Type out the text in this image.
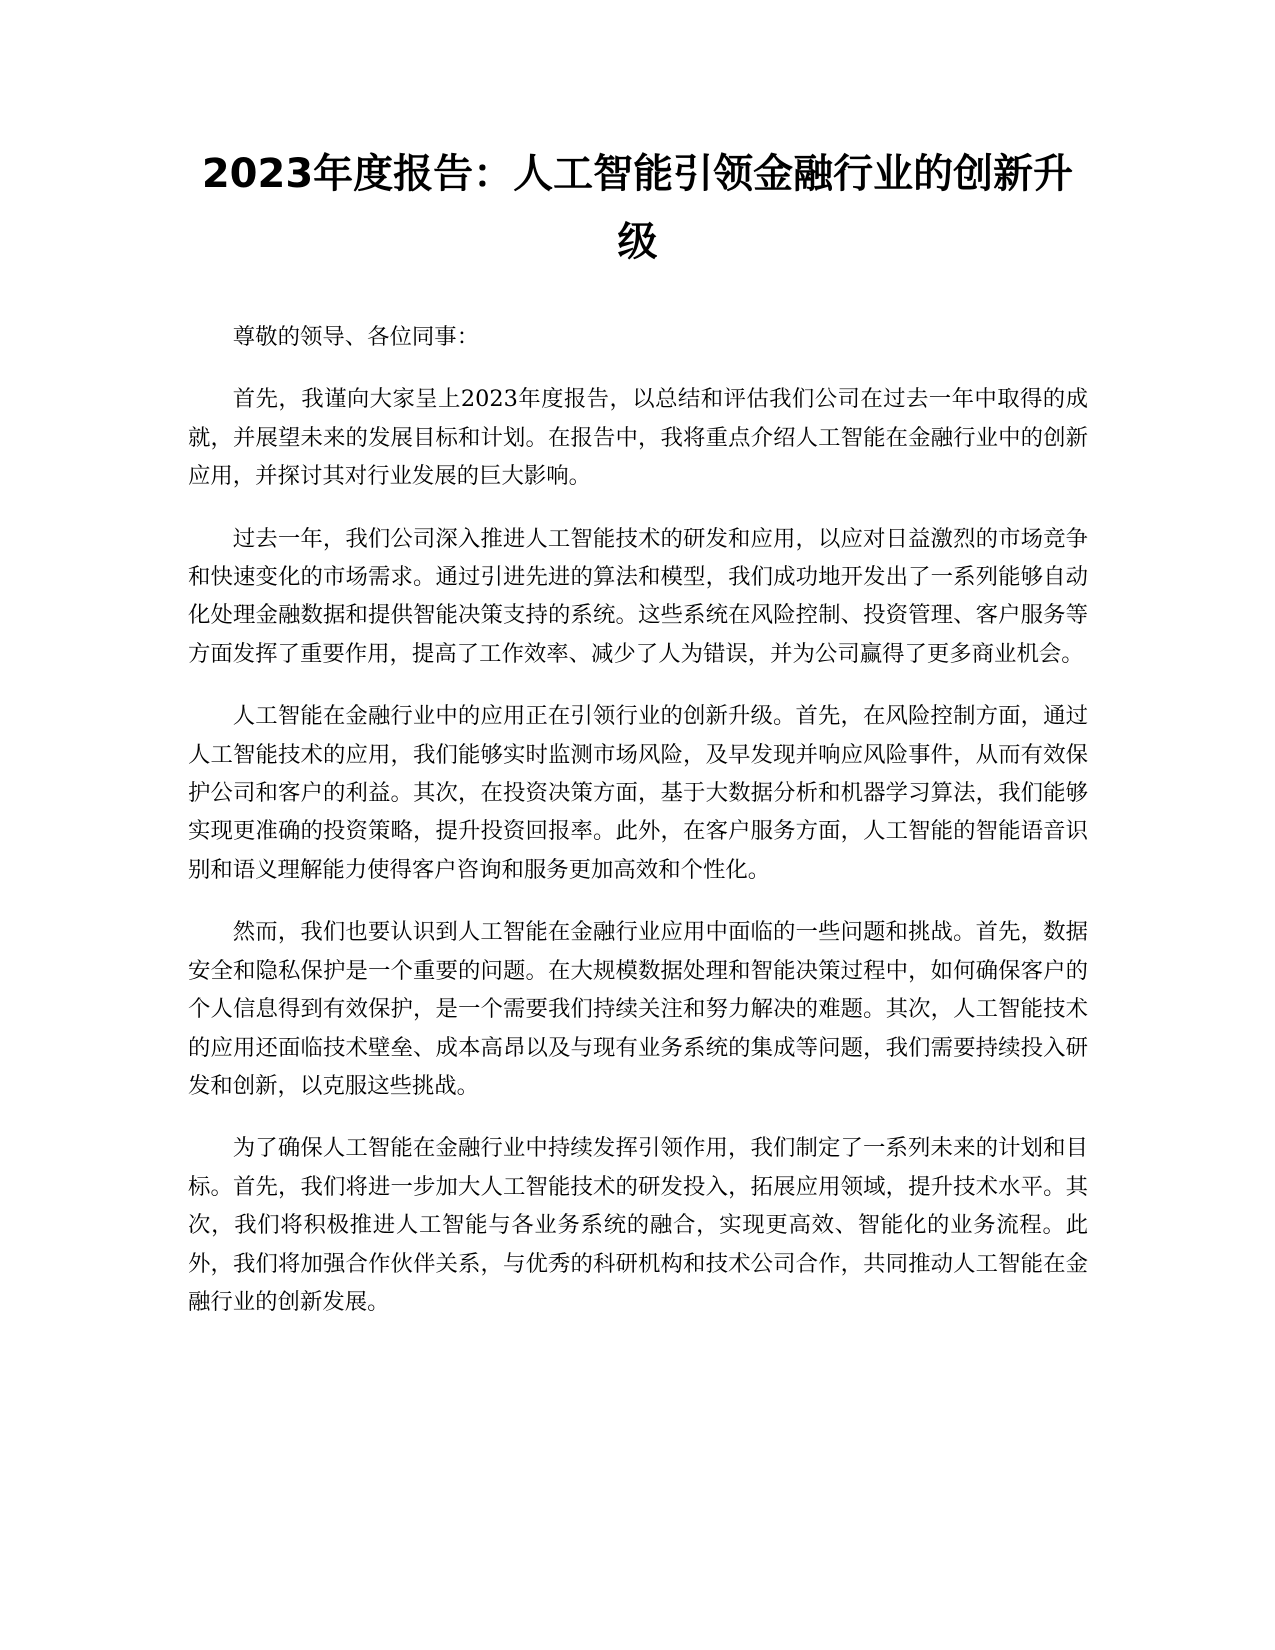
2023年度报告：人工智能引领金融行业的创新升级

尊敬的领导、各位同事：

首先，我谨向大家呈上2023年度报告，以总结和评估我们公司在过去一年中取得的成就，并展望未来的发展目标和计划。在报告中，我将重点介绍人工智能在金融行业中的创新应用，并探讨其对行业发展的巨大影响。

过去一年，我们公司深入推进人工智能技术的研发和应用，以应对日益激烈的市场竞争和快速变化的市场需求。通过引进先进的算法和模型，我们成功地开发出了一系列能够自动化处理金融数据和提供智能决策支持的系统。这些系统在风险控制、投资管理、客户服务等方面发挥了重要作用，提高了工作效率、减少了人为错误，并为公司赢得了更多商业机会。

人工智能在金融行业中的应用正在引领行业的创新升级。首先，在风险控制方面，通过人工智能技术的应用，我们能够实时监测市场风险，及早发现并响应风险事件，从而有效保护公司和客户的利益。其次，在投资决策方面，基于大数据分析和机器学习算法，我们能够实现更准确的投资策略，提升投资回报率。此外，在客户服务方面，人工智能的智能语音识别和语义理解能力使得客户咨询和服务更加高效和个性化。

然而，我们也要认识到人工智能在金融行业应用中面临的一些问题和挑战。首先，数据安全和隐私保护是一个重要的问题。在大规模数据处理和智能决策过程中，如何确保客户的个人信息得到有效保护，是一个需要我们持续关注和努力解决的难题。其次，人工智能技术的应用还面临技术壁垒、成本高昂以及与现有业务系统的集成等问题，我们需要持续投入研发和创新，以克服这些挑战。

为了确保人工智能在金融行业中持续发挥引领作用，我们制定了一系列未来的计划和目标。首先，我们将进一步加大人工智能技术的研发投入，拓展应用领域，提升技术水平。其次，我们将积极推进人工智能与各业务系统的融合，实现更高效、智能化的业务流程。此外，我们将加强合作伙伴关系，与优秀的科研机构和技术公司合作，共同推动人工智能在金融行业的创新发展。
